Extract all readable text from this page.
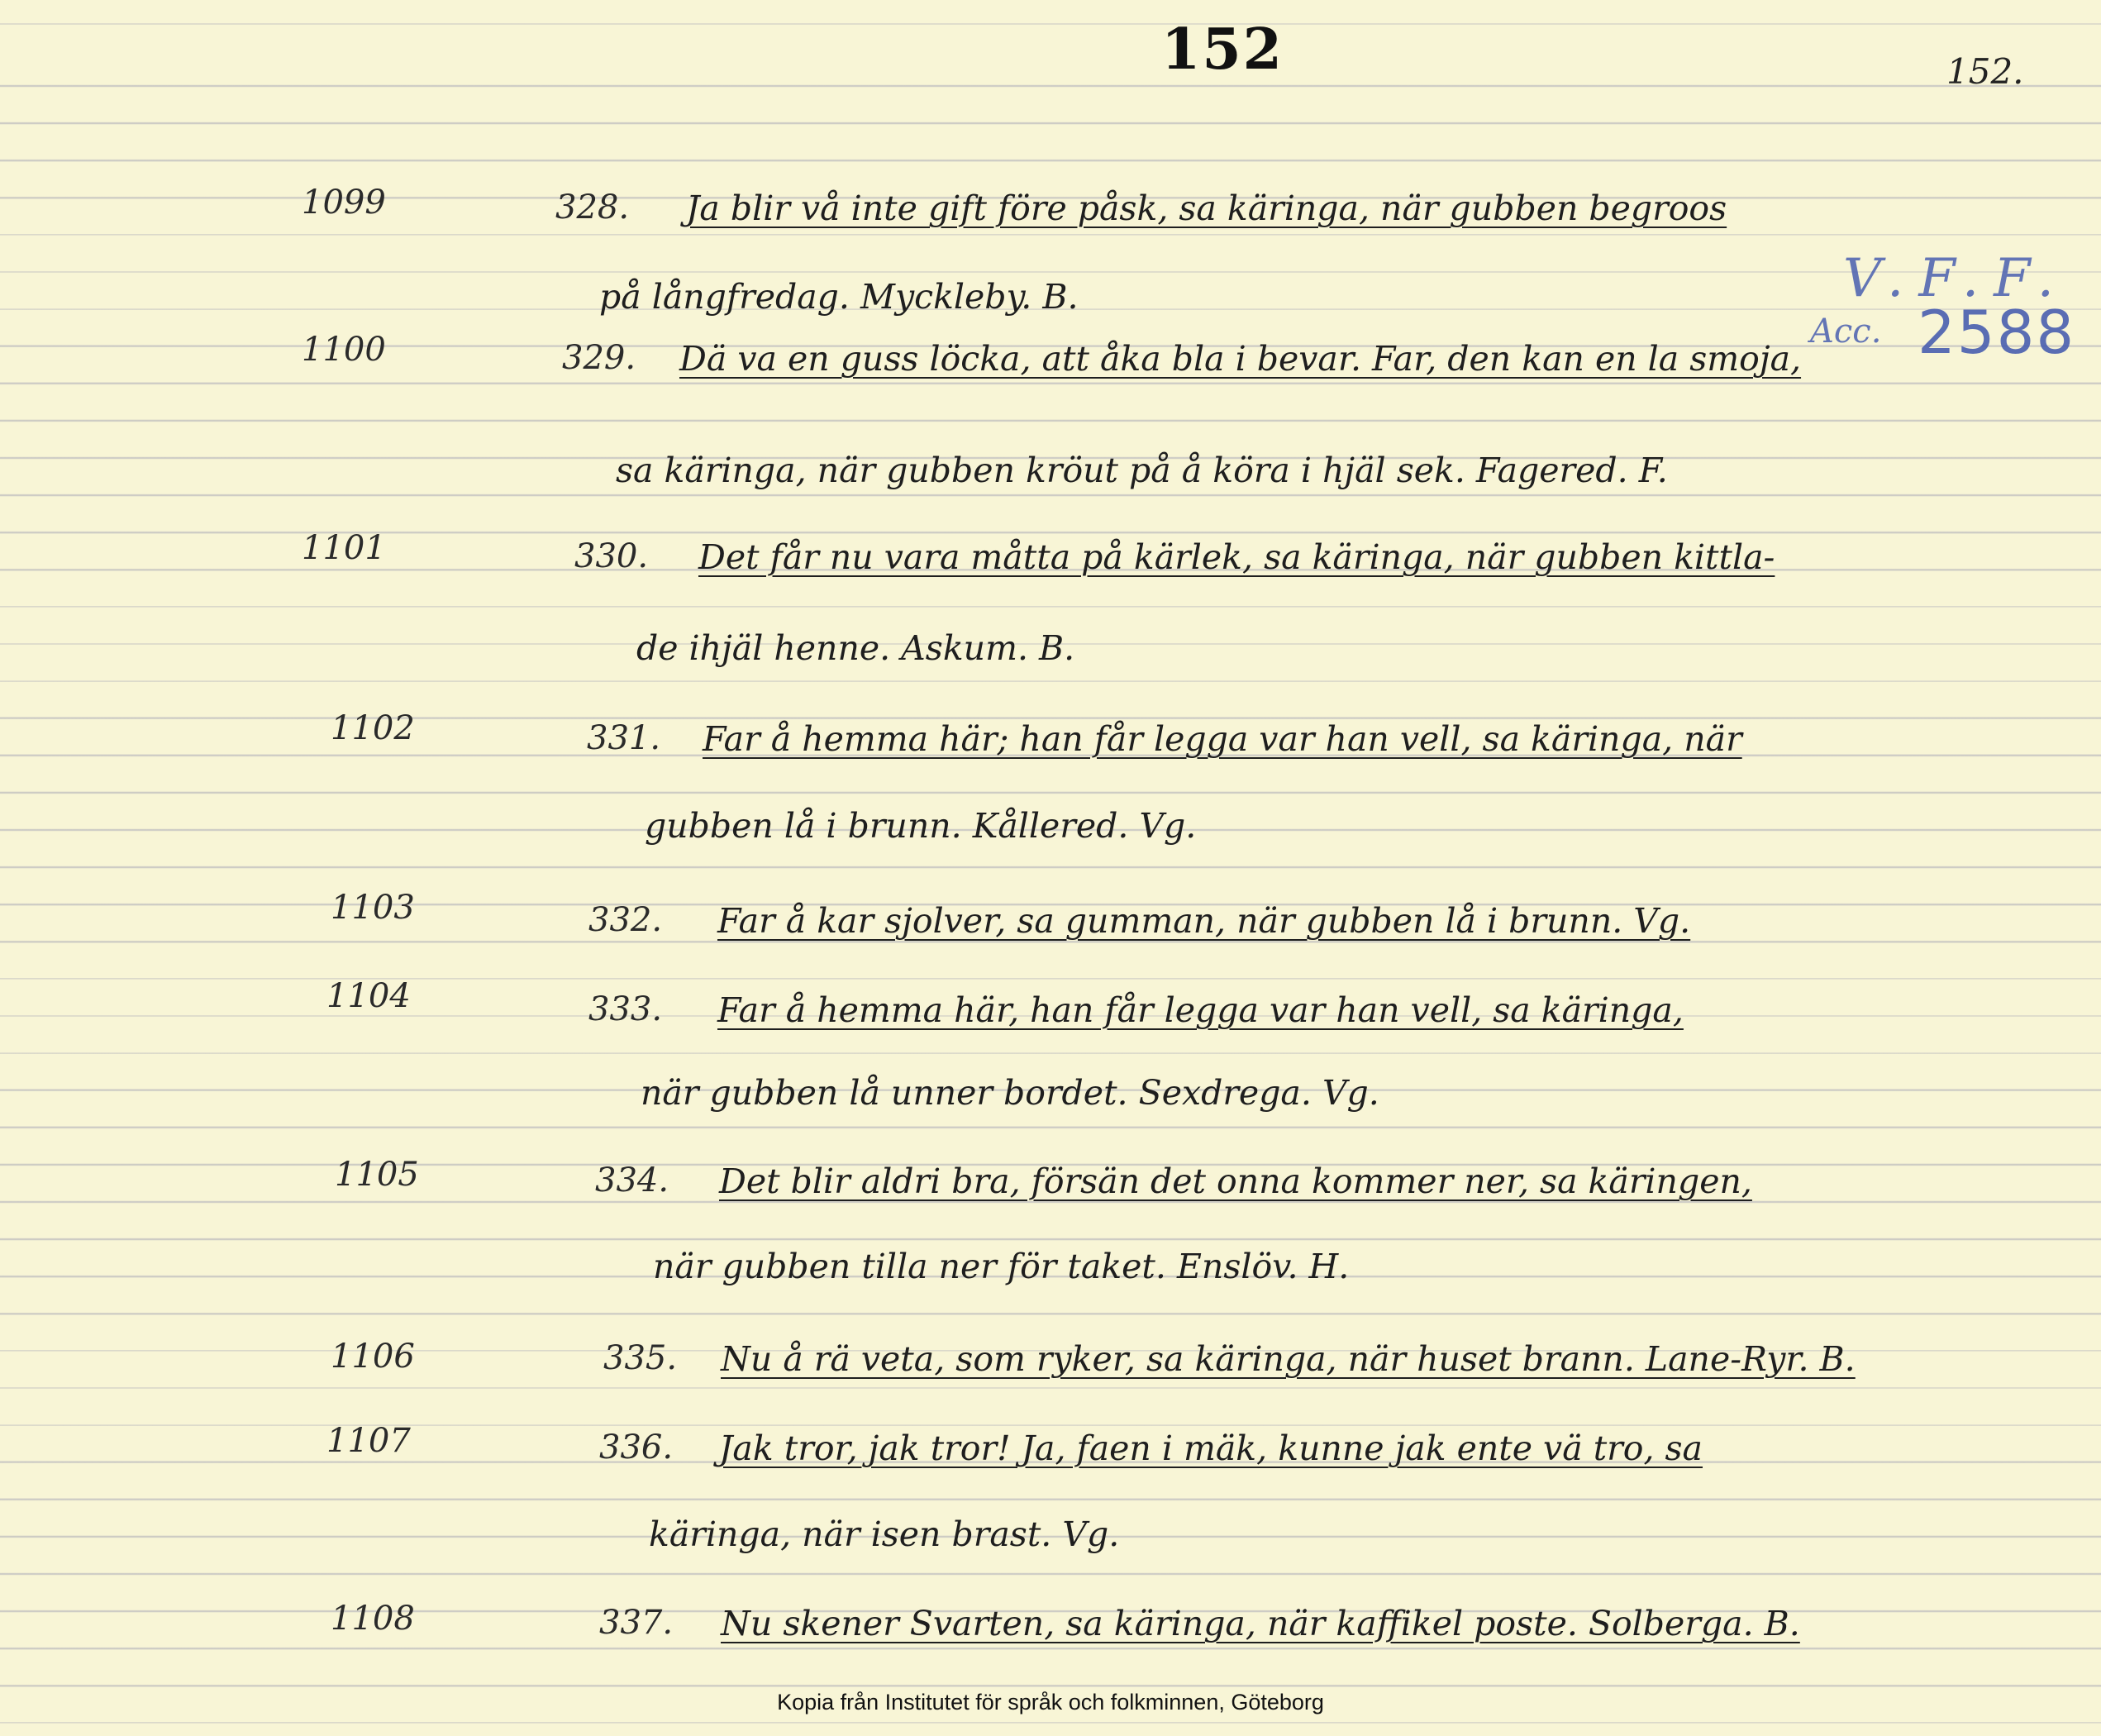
152	152.
V.F.F.
Acc. 2588
1099	328. Ja blir vå inte gift före påsk, sa käringa, när gubben begroos
på långfredag. Myckleby. B.
1100	329. Dä va en guss löcka, att åka bla i bevar. Far, den kan en la smoja,
sa käringa, när gubben kröut på å köra i hjäl sek. Fagered. F.
1101	330. Det får nu vara måtta på kärlek, sa käringa, när gubben kittla-
de ihjäl henne. Askum. B.
1102	331. Far å hemma här; han får legga var han vell, sa käringa, när
gubben lå i brunn. Kållered. Vg.
1103	332. Far å kar sjolver, sa gumman, när gubben lå i brunn. Vg.
1104	333. Far å hemma här, han får legga var han vell, sa käringa,
när gubben lå unner bordet. Sexdrega. Vg.
1105	334. Det blir aldri bra, försän det onna kommer ner, sa käringen,
när gubben tilla ner för taket. Enslöv. H.
1106	335. Nu å rä veta, som ryker, sa käringa, när huset brann. Lane-Ryr. B.
1107	336. Jak tror, jak tror! Ja, faen i mäk, kunne jak ente vä tro, sa
käringa, när isen brast. Vg.
1108	337. Nu skener Svarten, sa käringa, när kaffikel poste. Solberga. B.
Kopia från Institutet för språk och folkminnen, Göteborg
